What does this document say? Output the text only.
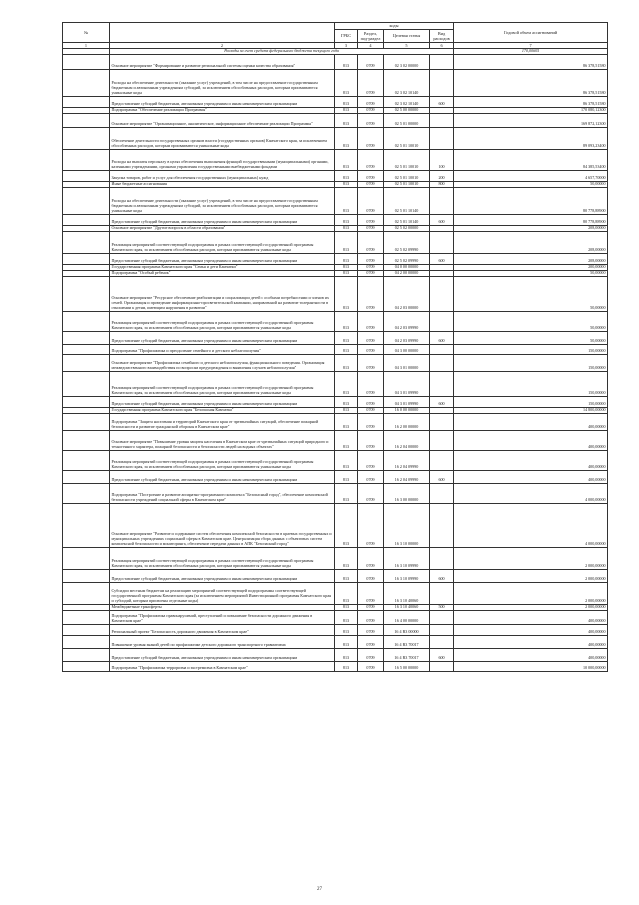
№		коды				Годовой объем ассигнований
		ГРБС	Раздел, под-раздел	Целевая статья	Вид расходов	
1	2	3	4	5	6	7
	Расходы за счет средств федерального бюджета текущего года					170,00605
	Основное мероприятие "Формирование и развитие региональной системы оценки качества образования"	813	0709	02 3 02 00000		86 378,51580
	Расходы на обеспечение деятельности (оказание услуг) учреждений, в том числе на предоставление государственным бюджетным и автономным учреждениям субсидий, за исключением обособленных расходов, которым присваиваются уникальные коды	813	0709	02 3 02 10140		86 378,51580
	Предоставление субсидий бюджетным, автономным учреждениям и иным некоммерческим организациям	813	0709	02 3 02 10140	600	86 378,51580
	Подпрограмма "Обеспечение реализации Программы"	813	0709	02 5 00 00000		170 080,12300
	Основное мероприятие "Организационное, аналитическое, информационное обеспечение реализации Программы"	813	0709	02 5 01 00000		169 872,12300
	Обеспечение деятельности государственных органов власти (государственных органов) Камчатского края, за исключением обособленных расходов, которым присваиваются уникальные коды	813	0709	02 5 01 10010		89 093,23400
	Расходы на выплаты персоналу в целях обеспечения выполнения функций государственными (муниципальными) органами, казенными учреждениями, органами управления государственными внебюджетными фондами	813	0709	02 5 01 10010	100	84 385,53400
	Закупка товаров, работ и услуг для обеспечения государственных (муниципальных) нужд	813	0709	02 5 01 10010	200	4 657,70000
	Иные бюджетные ассигнования	813	0709	02 5 01 10010	800	50,00000
	Расходы на обеспечение деятельности (оказание услуг) учреждений, в том числе на предоставление государственным бюджетным и автономным учреждениям субсидий, за исключением обособленных расходов, которым присваиваются уникальные коды	813	0709	02 5 01 10140		80 778,88900
	Предоставление субсидий бюджетным, автономным учреждениям и иным некоммерческим организациям	813	0709	02 5 01 10140	600	80 778,88900
	Основное мероприятие "Другие вопросы в области образования"	813	0709	02 5 02 00000		208,00000
	Реализация мероприятий соответствующей подпрограммы в рамках соответствующей государственной программы Камчатского края, за исключением обособленных расходов, которым присваиваются уникальные коды	813	0709	02 5 02 09990		208,00000
	Предоставление субсидий бюджетным, автономным учреждениям и иным некоммерческим организациям	813	0709	02 5 02 09990	600	208,00000
	Государственная программа Камчатского края "Семья и дети Камчатки"	813	0709	04 0 00 00000		200,00000
	Подпрограмма "Особый ребенок"	813	0709	04 2 00 00000		50,00000
	Основное мероприятие "Ресурсное обеспечение реабилитации и социализации детей с особыми потребностями и членов их семей. Организация и проведение информационно-просветительской кампании, направленной на развитие толерантности в отношении к детям, имеющим нарушения в развитии"	813	0709	04 2 03 00000		50,00000
	Реализация мероприятий соответствующей подпрограммы в рамках соответствующей государственной программы Камчатского края, за исключением обособленных расходов, которым присваиваются уникальные коды	813	0709	04 2 03 09990		50,00000
	Предоставление субсидий бюджетным, автономным учреждениям и иным некоммерческим организациям	813	0709	04 2 03 09990	600	50,00000
	Подпрограмма "Профилактика и преодоление семейного и детского неблагополучия"	813	0709	04 3 00 00000		150,00000
	Основное мероприятие "Профилактика семейного и детского неблагополучия, функционального поведения. Организация межведомственного взаимодействия по вопросам предупреждения и выявления случаев неблагополучия"	813	0709	04 3 01 00000		150,00000
	Реализация мероприятий соответствующей подпрограммы в рамках соответствующей государственной программы Камчатского края, за исключением обособленных расходов, которым присваиваются уникальные коды	813	0709	04 3 01 09990		150,00000
	Предоставление субсидий бюджетным, автономным учреждениям и иным некоммерческим организациям	813	0709	04 3 01 09990	600	150,00000
	Государственная программа Камчатского края "Безопасная Камчатка"	813	0709	16 0 00 00000		14 800,00000
	Подпрограмма "Защита населения и территорий Камчатского края от чрезвычайных ситуаций, обеспечение пожарной безопасности и развитие гражданской обороны в Камчатском крае"	813	0709	16 2 00 00000		400,00000
	Основное мероприятие "Повышение уровня защиты населения в Камчатском крае от чрезвычайных ситуаций природного и техногенного характера, пожарной безопасности и безопасности людей на водных объектах"	813	0709	16 2 04 00000		400,00000
	Реализация мероприятий соответствующей подпрограммы в рамках соответствующей государственной программы Камчатского края, за исключением обособленных расходов, которым присваиваются уникальные коды	813	0709	16 2 04 09990		400,00000
	Предоставление субсидий бюджетным, автономным учреждениям и иным некоммерческим организациям	813	0709	16 2 04 09990	600	400,00000
	Подпрограмма "Построение и развитие аппаратно-программного комплекса "Безопасный город", обеспечение комплексной безопасности учреждений социальной сферы в Камчатском крае"	813	0709	16 3 00 00000		4 000,00000
	Основное мероприятие "Развитие и содержание систем обеспечения комплексной безопасности в краевых государственных и муниципальных учреждениях социальной сферы в Камчатском крае. Централизация сбора данных с объектовых систем комплексной безопасности и мониторинга, обеспечение передачи данных в АПК "Безопасный город"	813	0709	16 3 10 00000		4 000,00000
	Реализация мероприятий соответствующей подпрограммы в рамках соответствующей государственной программы Камчатского края, за исключением обособленных расходов, которым присваиваются уникальные коды	813	0709	16 3 10 09990		2 000,00000
	Предоставление субсидий бюджетным, автономным учреждениям и иным некоммерческим организациям	813	0709	16 3 10 09990	600	2 000,00000
	Субсидии местным бюджетам на реализацию мероприятий соответствующей подпрограммы соответствующей государственной программы Камчатского края (за исключением мероприятий Инвестиционной программы Камчатского края и субсидий, которым присвоены отдельные коды)	813	0709	16 3 10 40060		2 000,00000
	Межбюджетные трансферты	813	0709	16 3 10 40060	500	2 000,00000
	Подпрограмма "Профилактика правонарушений, преступлений и повышение безопасности дорожного движения в Камчатском крае"	813	0709	16 4 00 00000		400,00000
	Региональный проект "Безопасность дорожного движения в Камчатском крае"	813	0709	16 4 R3 00000		400,00000
	Повышение уровня знаний детей по профилактике детского дорожного транспортного травматизма	813	0709	16 4 R3 70017		400,00000
	Предоставление субсидий бюджетным, автономным учреждениям и иным некоммерческим организациям	813	0709	16 4 R3 70017	600	400,00000
	Подпрограмма "Профилактика терроризма и экстремизма в Камчатском крае"	813	0709	16 5 00 00000		10 000,00000
27
